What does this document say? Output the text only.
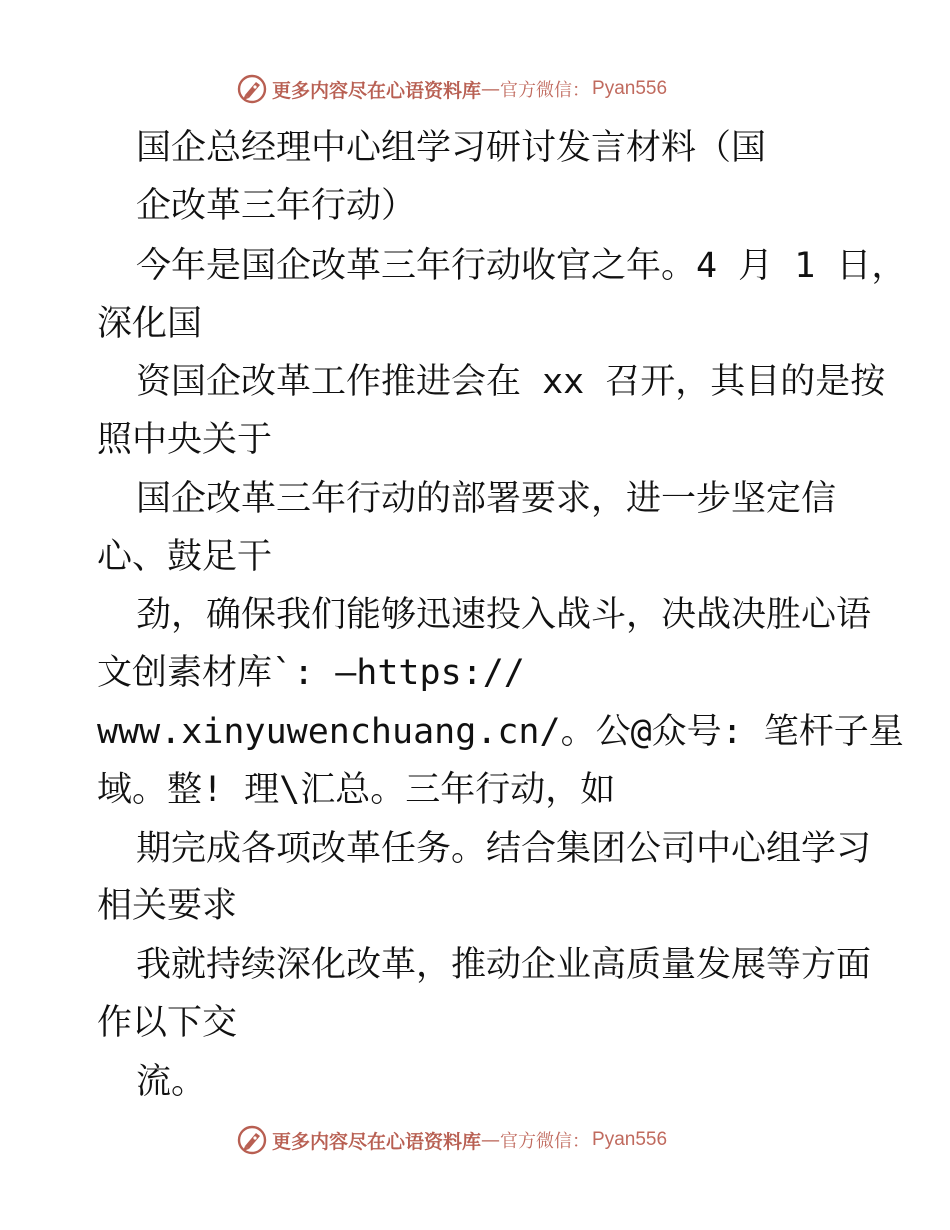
更多内容尽在心语资料库 — 官方微信： Pyan556
国企总经理中心组学习研讨发言材料（国
企改革三年行动）
今年是国企改革三年行动收官之年。4 月 1 日，
深化国
资国企改革工作推进会在 xx 召开，其目的是按
照中央关于
国企改革三年行动的部署要求，进一步坚定信
心、鼓足干
劲，确保我们能够迅速投入战斗，决战决胜心语
文创素材库`: —https://
www.xinyuwenchuang.cn/。公@众号: 笔杆子星
域。整! 理\汇总。三年行动，如
期完成各项改革任务。结合集团公司中心组学习
相关要求
我就持续深化改革，推动企业高质量发展等方面
作以下交
流。
更多内容尽在心语资料库 — 官方微信： Pyan556
